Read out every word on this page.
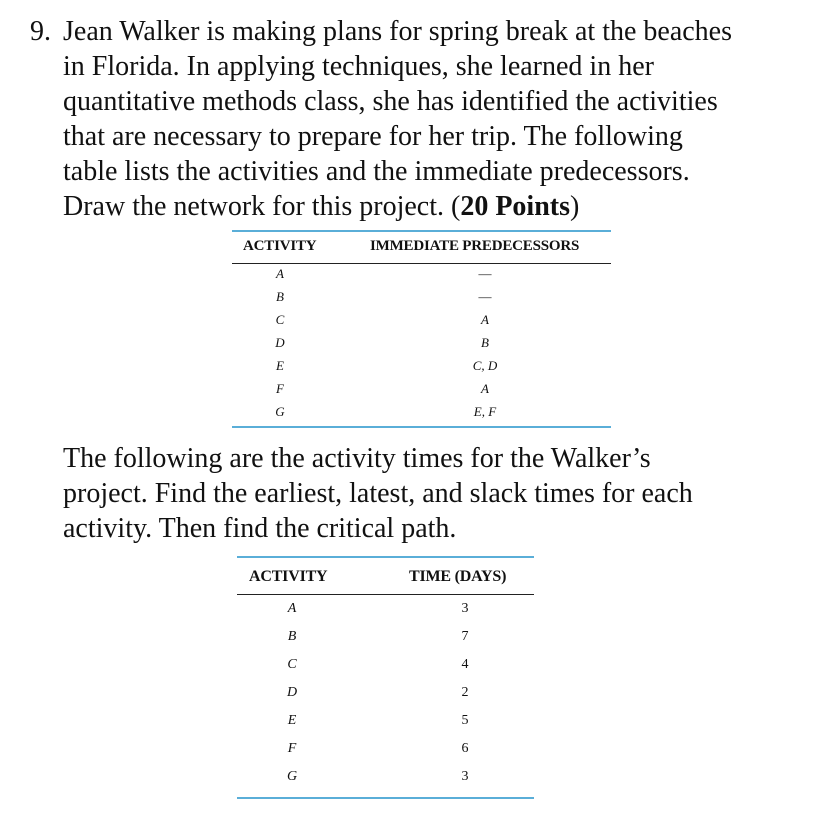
9. Jean Walker is making plans for spring break at the beaches
in Florida. In applying techniques, she learned in her
quantitative methods class, she has identified the activities
that are necessary to prepare for her trip. The following
table lists the activities and the immediate predecessors.
Draw the network for this project. (20 Points)
ACTIVITY	IMMEDIATE PREDECESSORS
A	—
B	—
C	A
D	B
E	C, D
F	A
G	E, F
The following are the activity times for the Walker’s
project. Find the earliest, latest, and slack times for each
activity. Then find the critical path.
ACTIVITY	TIME (DAYS)
A	3
B	7
C	4
D	2
E	5
F	6
G	3
